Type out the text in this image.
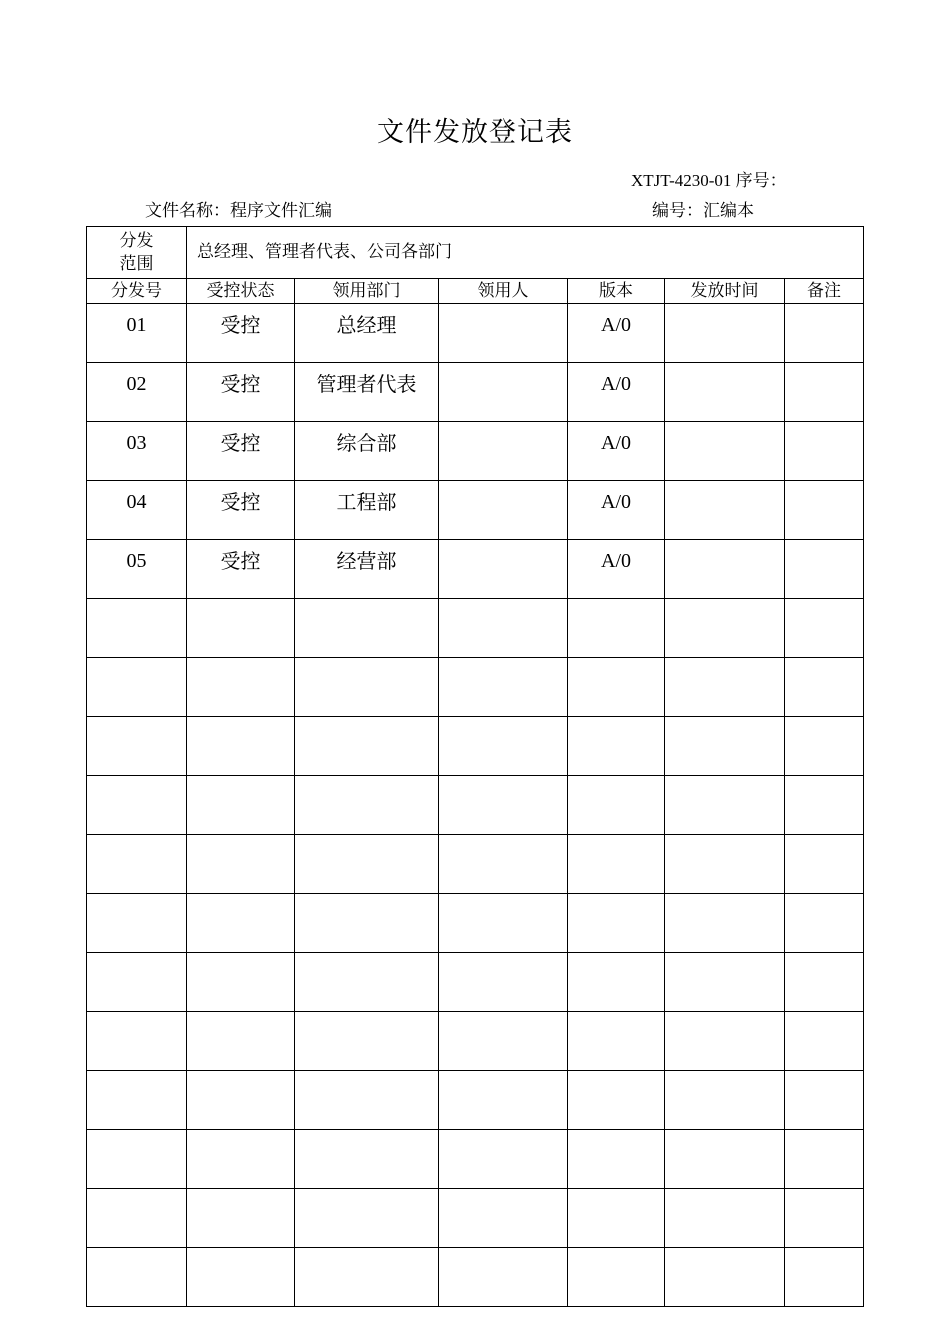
文件发放登记表
XTJT-4230-01 序号：
文件名称：程序文件汇编	编号：汇编本
分发
范围	总经理、管理者代表、公司各部门					
分发号	受控状态	领用部门	领用人	版本	发放时间	备注
01	受控	总经理		A/0		
02	受控	管理者代表		A/0		
03	受控	综合部		A/0		
04	受控	工程部		A/0		
05	受控	经营部		A/0		
